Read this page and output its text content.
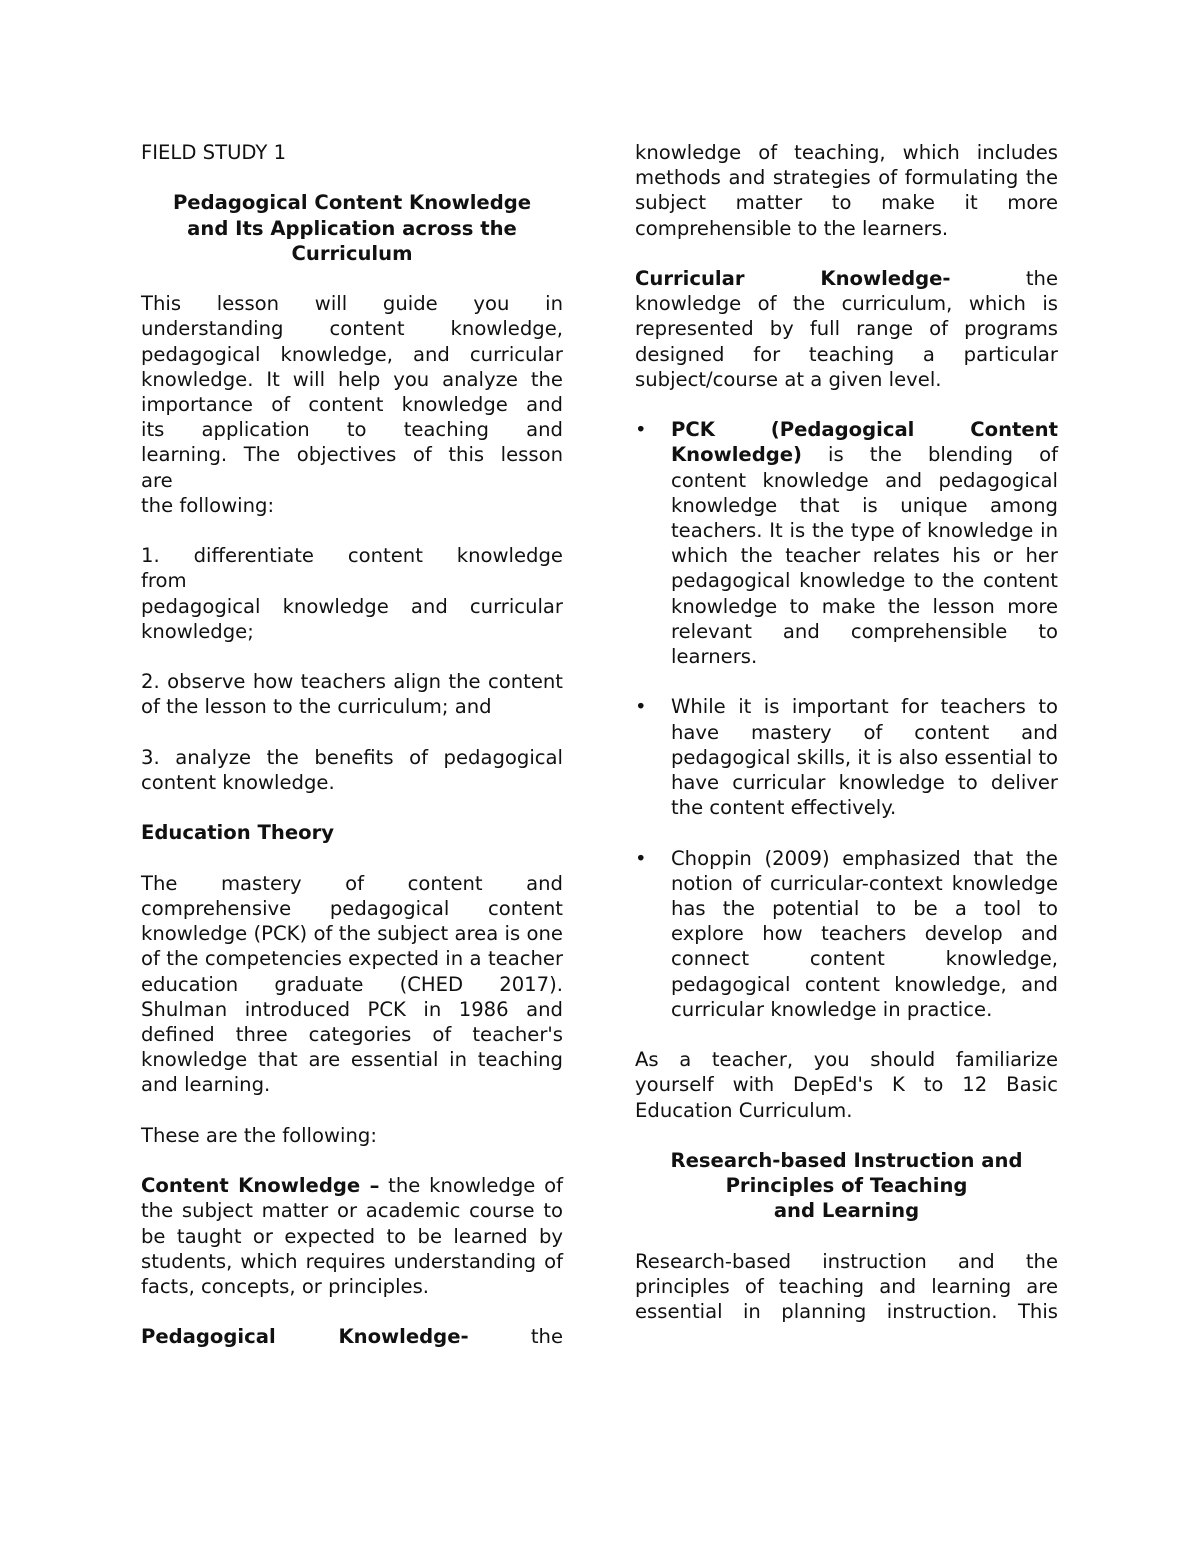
FIELD STUDY 1

Pedagogical Content Knowledge
and Its Application across the
Curriculum
This lesson will guide you in
understanding content knowledge,
pedagogical knowledge, and curricular
knowledge. It will help you analyze the
importance of content knowledge and
its application to teaching and
learning. The objectives of this lesson
are
the following:
1. differentiate content knowledge
from
pedagogical knowledge and curricular knowledge;

2. observe how teachers align the content of the lesson to the curriculum; and

3. analyze the benefits of pedagogical content knowledge.

Education Theory

The mastery of content and comprehensive pedagogical content knowledge (PCK) of the subject area is one of the competencies expected in a teacher education graduate (CHED 2017). Shulman introduced PCK in 1986 and defined three categories of teacher's knowledge that are essential in teaching and learning.

These are the following:

Content Knowledge – the knowledge of the subject matter or academic course to be taught or expected to be learned by students, which requires understanding of facts, concepts, or principles.

Pedagogical Knowledge-	the

knowledge of teaching, which includes methods and strategies of formulating the subject matter to make it more comprehensible to the learners.

Curricular Knowledge-	the

knowledge of the curriculum, which is represented by full range of programs designed for teaching a particular subject/course at a given level.

• PCK (Pedagogical Content
Knowledge) is the blending of content knowledge and pedagogical knowledge that is unique among teachers. It is the type of knowledge in which the teacher relates his or her pedagogical knowledge to the content knowledge to make the lesson more relevant and comprehensible to learners.
• While it is important for teachers to have mastery of content and pedagogical skills, it is also essential to have curricular knowledge to deliver the content effectively.
• Choppin (2009) emphasized that the notion of curricular-context knowledge has the potential to be a tool to explore how teachers develop and connect content knowledge, pedagogical content knowledge, and curricular knowledge in practice.

As a teacher, you should familiarize yourself with DepEd's K to 12 Basic Education Curriculum.

Research-based Instruction and
Principles of Teaching
and Learning

Research-based instruction and the principles of teaching and learning are essential in planning instruction. This
